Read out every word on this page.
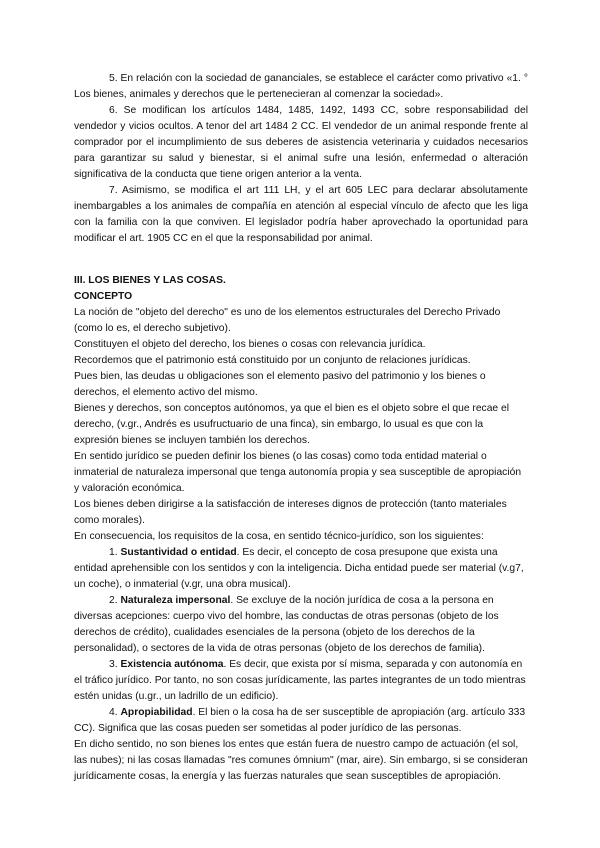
5. En relación con la sociedad de gananciales, se establece el carácter como privativo «1. ° Los bienes, animales y derechos que le pertenecieran al comenzar la sociedad».

6. Se modifican los artículos 1484, 1485, 1492, 1493 CC, sobre responsabilidad del vendedor y vicios ocultos. A tenor del art 1484 2 CC. El vendedor de un animal responde frente al comprador por el incumplimiento de sus deberes de asistencia veterinaria y cuidados necesarios para garantizar su salud y bienestar, si el animal sufre una lesión, enfermedad o alteración significativa de la conducta que tiene origen anterior a la venta.

7. Asimismo, se modifica el art 111 LH, y el art 605 LEC para declarar absolutamente inembargables a los animales de compañía en atención al especial vínculo de afecto que les liga con la familia con la que conviven. El legislador podría haber aprovechado la oportunidad para modificar el art. 1905 CC en el que la responsabilidad por animal.

III. LOS BIENES Y LAS COSAS.

CONCEPTO

La noción de "objeto del derecho" es uno de los elementos estructurales del Derecho Privado (como lo es, el derecho subjetivo).

Constituyen el objeto del derecho, los bienes o cosas con relevancia jurídica.

Recordemos que el patrimonio está constituido por un conjunto de relaciones jurídicas.

Pues bien, las deudas u obligaciones son el elemento pasivo del patrimonio y los bienes o derechos, el elemento activo del mismo.

Bienes y derechos, son conceptos autónomos, ya que el bien es el objeto sobre el que recae el derecho, (v.gr., Andrés es usufructuario de una finca), sin embargo, lo usual es que con la expresión bienes se incluyen también los derechos.

En sentido jurídico se pueden definir los bienes (o las cosas) como toda entidad material o inmaterial de naturaleza impersonal que tenga autonomía propia y sea susceptible de apropiación y valoración económica.

Los bienes deben dirigirse a la satisfacción de intereses dignos de protección (tanto materiales como morales).

En consecuencia, los requisitos de la cosa, en sentido técnico-jurídico, son los siguientes:

1. Sustantividad o entidad. Es decir, el concepto de cosa presupone que exista una entidad aprehensible con los sentidos y con la inteligencia. Dicha entidad puede ser material (v.g7, un coche), o inmaterial (v.gr, una obra musical).

2. Naturaleza impersonal. Se excluye de la noción jurídica de cosa a la persona en diversas acepciones: cuerpo vivo del hombre, las conductas de otras personas (objeto de los derechos de crédito), cualidades esenciales de la persona (objeto de los derechos de la personalidad), o sectores de la vida de otras personas (objeto de los derechos de familia).

3. Existencia autónoma. Es decir, que exista por sí misma, separada y con autonomía en el tráfico jurídico. Por tanto, no son cosas jurídicamente, las partes integrantes de un todo mientras estén unidas (u.gr., un ladrillo de un edificio).

4. Apropiabilidad. El bien o la cosa ha de ser susceptible de apropiación (arg. artículo 333 CC). Significa que las cosas pueden ser sometidas al poder jurídico de las personas.

En dicho sentido, no son bienes los entes que están fuera de nuestro campo de actuación (el sol, las nubes); ni las cosas llamadas "res comunes ómnium" (mar, aire). Sin embargo, si se consideran jurídicamente cosas, la energía y las fuerzas naturales que sean susceptibles de apropiación.
